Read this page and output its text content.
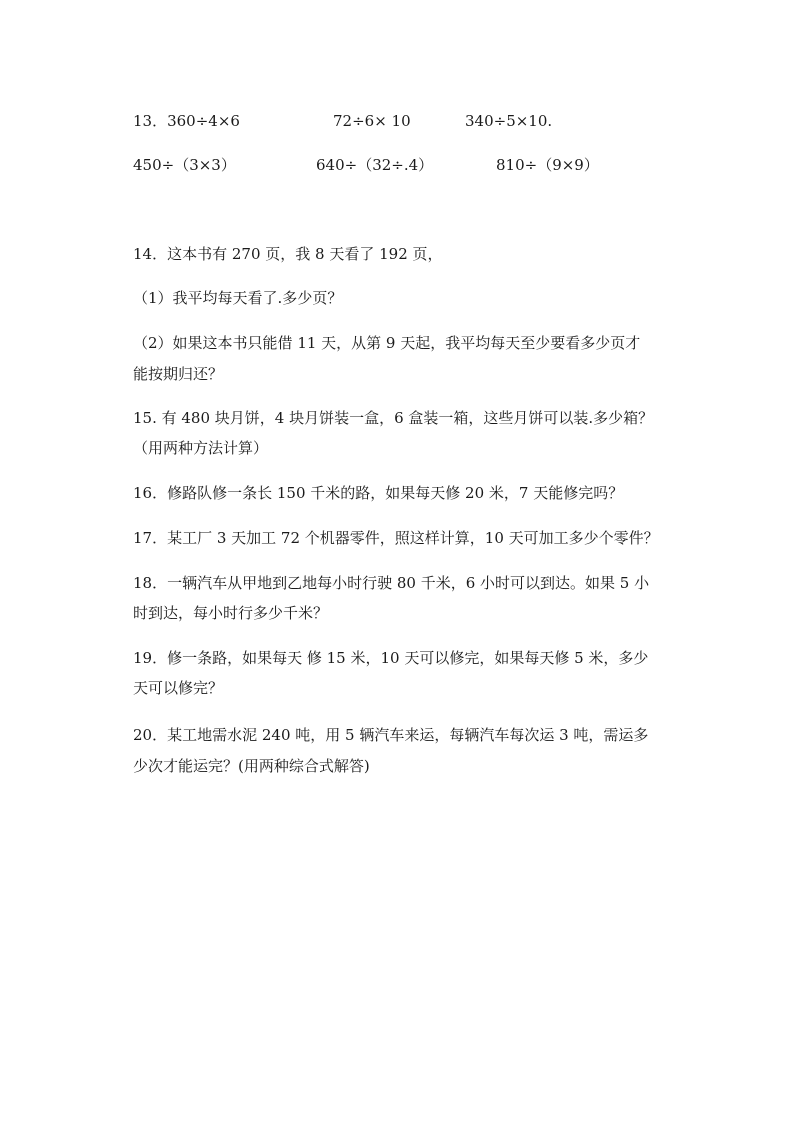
13．360÷4×6	72÷6× 10	340÷5×10.
450÷（3×3）	640÷（32÷.4）	810÷（9×9）
14．这本书有 270 页，我 8 天看了 192 页，
（1）我平均每天看了.多少页？
（2）如果这本书只能借 11 天，从第 9 天起，我平均每天至少要看多少页才
能按期归还？
15. 有 480 块月饼，4 块月饼装一盒，6 盒装一箱，这些月饼可以装.多少箱？
（用两种方法计算）
16．修路队修一条长 150 千米的路，如果每天修 20 米，7 天能修完吗？
17．某工厂 3 天加工 72 个机器零件，照这样计算，10 天可加工多少个零件？
18．一辆汽车从甲地到乙地每小时行驶 80 千米，6 小时可以到达。如果 5 小
时到达，每小时行多少千米？
19．修一条路，如果每天 修 15 米，10 天可以修完，如果每天修 5 米，多少
天可以修完？
20．某工地需水泥 240 吨，用 5 辆汽车来运，每辆汽车每次运 3 吨，需运多
少次才能运完？(用两种综合式解答)
